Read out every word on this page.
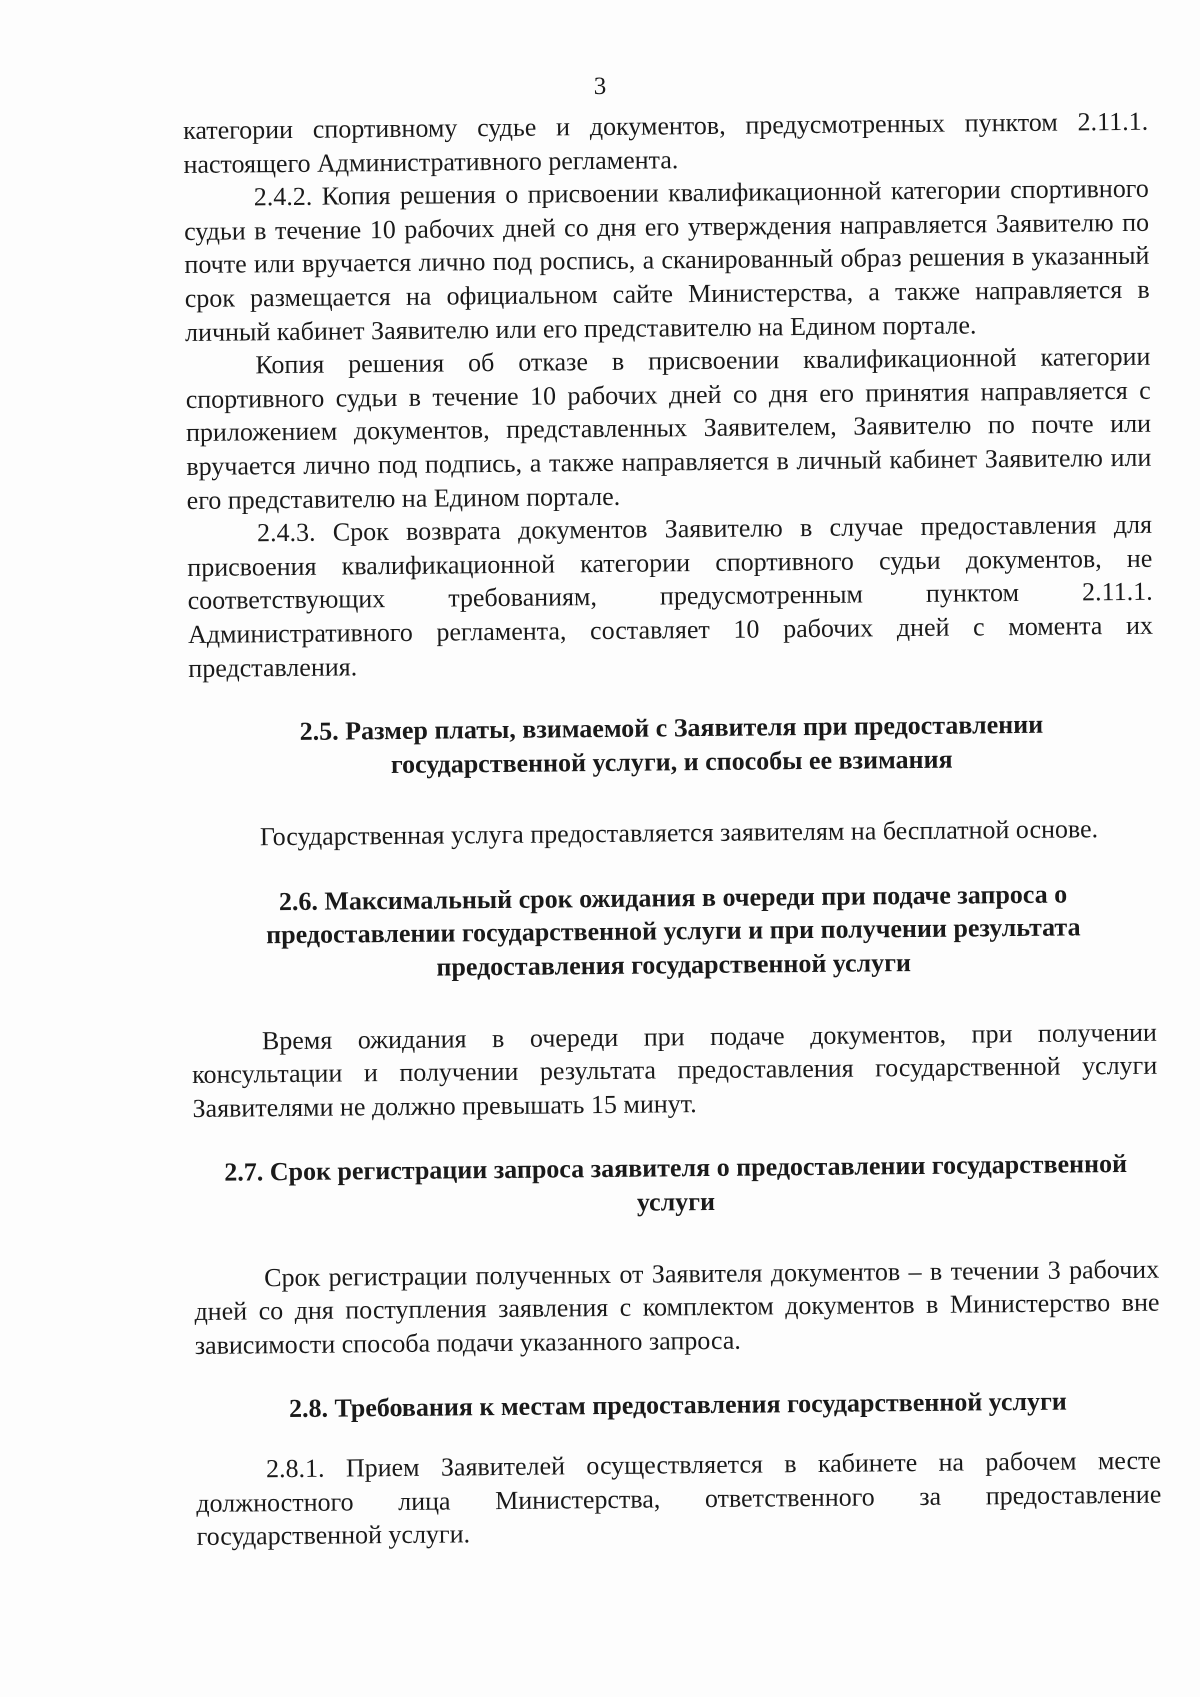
3

категории спортивному судье и документов, предусмотренных пунктом 2.11.1. настоящего Административного регламента.

2.4.2. Копия решения о присвоении квалификационной категории спортивного судьи в течение 10 рабочих дней со дня его утверждения направляется Заявителю по почте или вручается лично под роспись, а сканированный образ решения в указанный срок размещается на официальном сайте Министерства, а также направляется в личный кабинет Заявителю или его представителю на Едином портале.

Копия решения об отказе в присвоении квалификационной категории спортивного судьи в течение 10 рабочих дней со дня его принятия направляется с приложением документов, представленных Заявителем, Заявителю по почте или вручается лично под подпись, а также направляется в личный кабинет Заявителю или его представителю на Едином портале.

2.4.3. Срок возврата документов Заявителю в случае предоставления для присвоения квалификационной категории спортивного судьи документов, не соответствующих требованиям, предусмотренным пунктом 2.11.1. Административного регламента, составляет 10 рабочих дней с момента их представления.

2.5. Размер платы, взимаемой с Заявителя при предоставлении государственной услуги, и способы ее взимания

Государственная услуга предоставляется заявителям на бесплатной основе.

2.6. Максимальный срок ожидания в очереди при подаче запроса о предоставлении государственной услуги и при получении результата предоставления государственной услуги

Время ожидания в очереди при подаче документов, при получении консультации и получении результата предоставления государственной услуги Заявителями не должно превышать 15 минут.

2.7. Срок регистрации запроса заявителя о предоставлении государственной услуги

Срок регистрации полученных от Заявителя документов – в течении 3 рабочих дней со дня поступления заявления с комплектом документов в Министерство вне зависимости способа подачи указанного запроса.

2.8. Требования к местам предоставления государственной услуги

2.8.1. Прием Заявителей осуществляется в кабинете на рабочем месте должностного лица Министерства, ответственного за предоставление государственной услуги.
